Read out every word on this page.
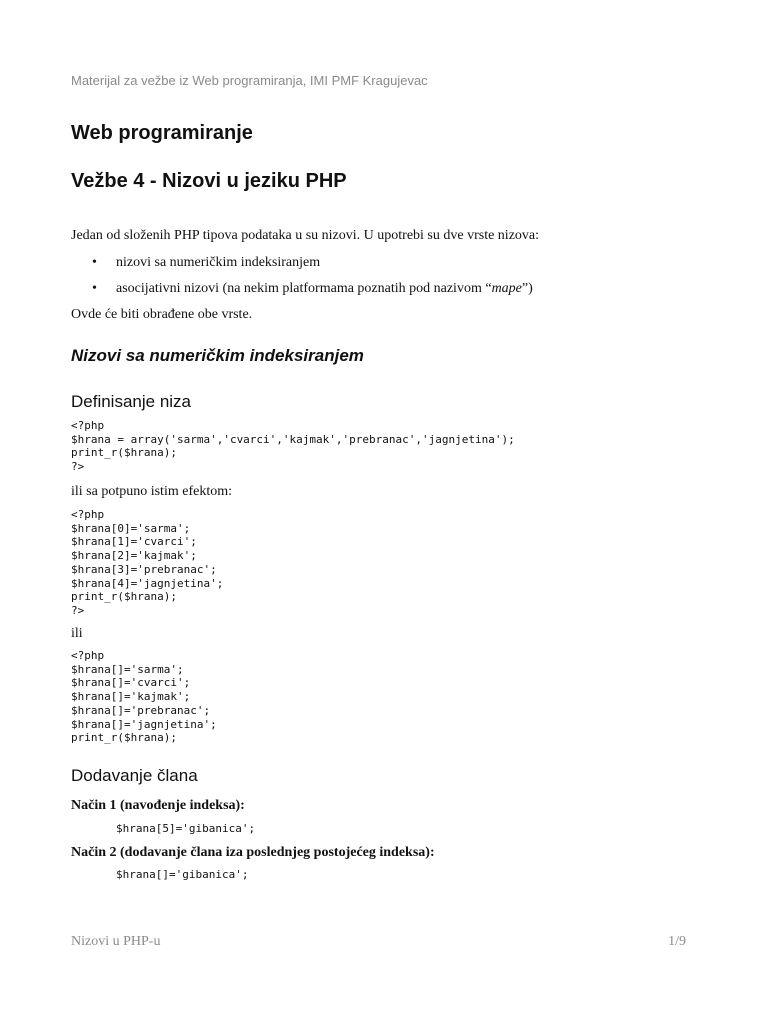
Materijal za vežbe iz Web programiranja, IMI PMF Kragujevac
Web programiranje
Vežbe 4 - Nizovi u jeziku PHP

Jedan od složenih PHP tipova podataka u su nizovi. U upotrebi su dve vrste nizova:

• nizovi sa numeričkim indeksiranjem
• asocijativni nizovi (na nekim platformama poznatih pod nazivom “mape”)

Ovde će biti obrađene obe vrste.

Nizovi sa numeričkim indeksiranjem
Definisanje niza
<?php
$hrana = array('sarma','cvarci','kajmak','prebranac','jagnjetina');
print_r($hrana);
?>

ili sa potpuno istim efektom:

<?php
$hrana[0]='sarma';
$hrana[1]='cvarci';
$hrana[2]='kajmak';
$hrana[3]='prebranac';
$hrana[4]='jagnjetina';
print_r($hrana);
?>

ili

<?php
$hrana[]='sarma';
$hrana[]='cvarci';
$hrana[]='kajmak';
$hrana[]='prebranac';
$hrana[]='jagnjetina';
print_r($hrana);
Dodavanje člana

Način 1 (navođenje indeksa):

$hrana[5]='gibanica';

Način 2 (dodavanje člana iza poslednjeg postojećeg indeksa):

$hrana[]='gibanica';
Nizovi u PHP-u	1/9
